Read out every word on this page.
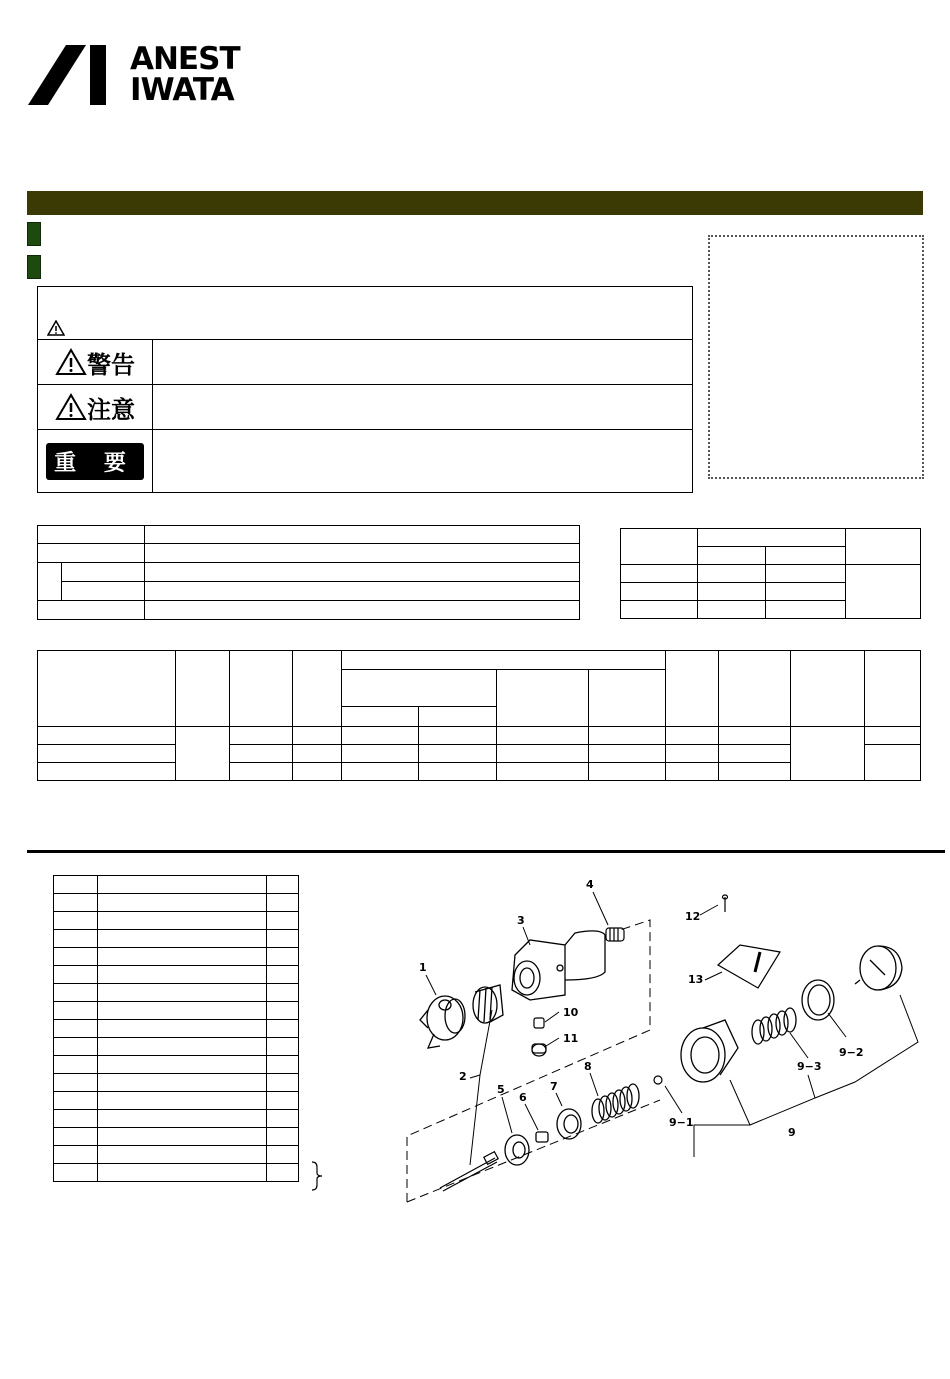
ANEST
IWATA
警告
注意
重 要

1
2
3
4
5
6
7
8
9
9−1
9−2
9−3
10
11
12
13
